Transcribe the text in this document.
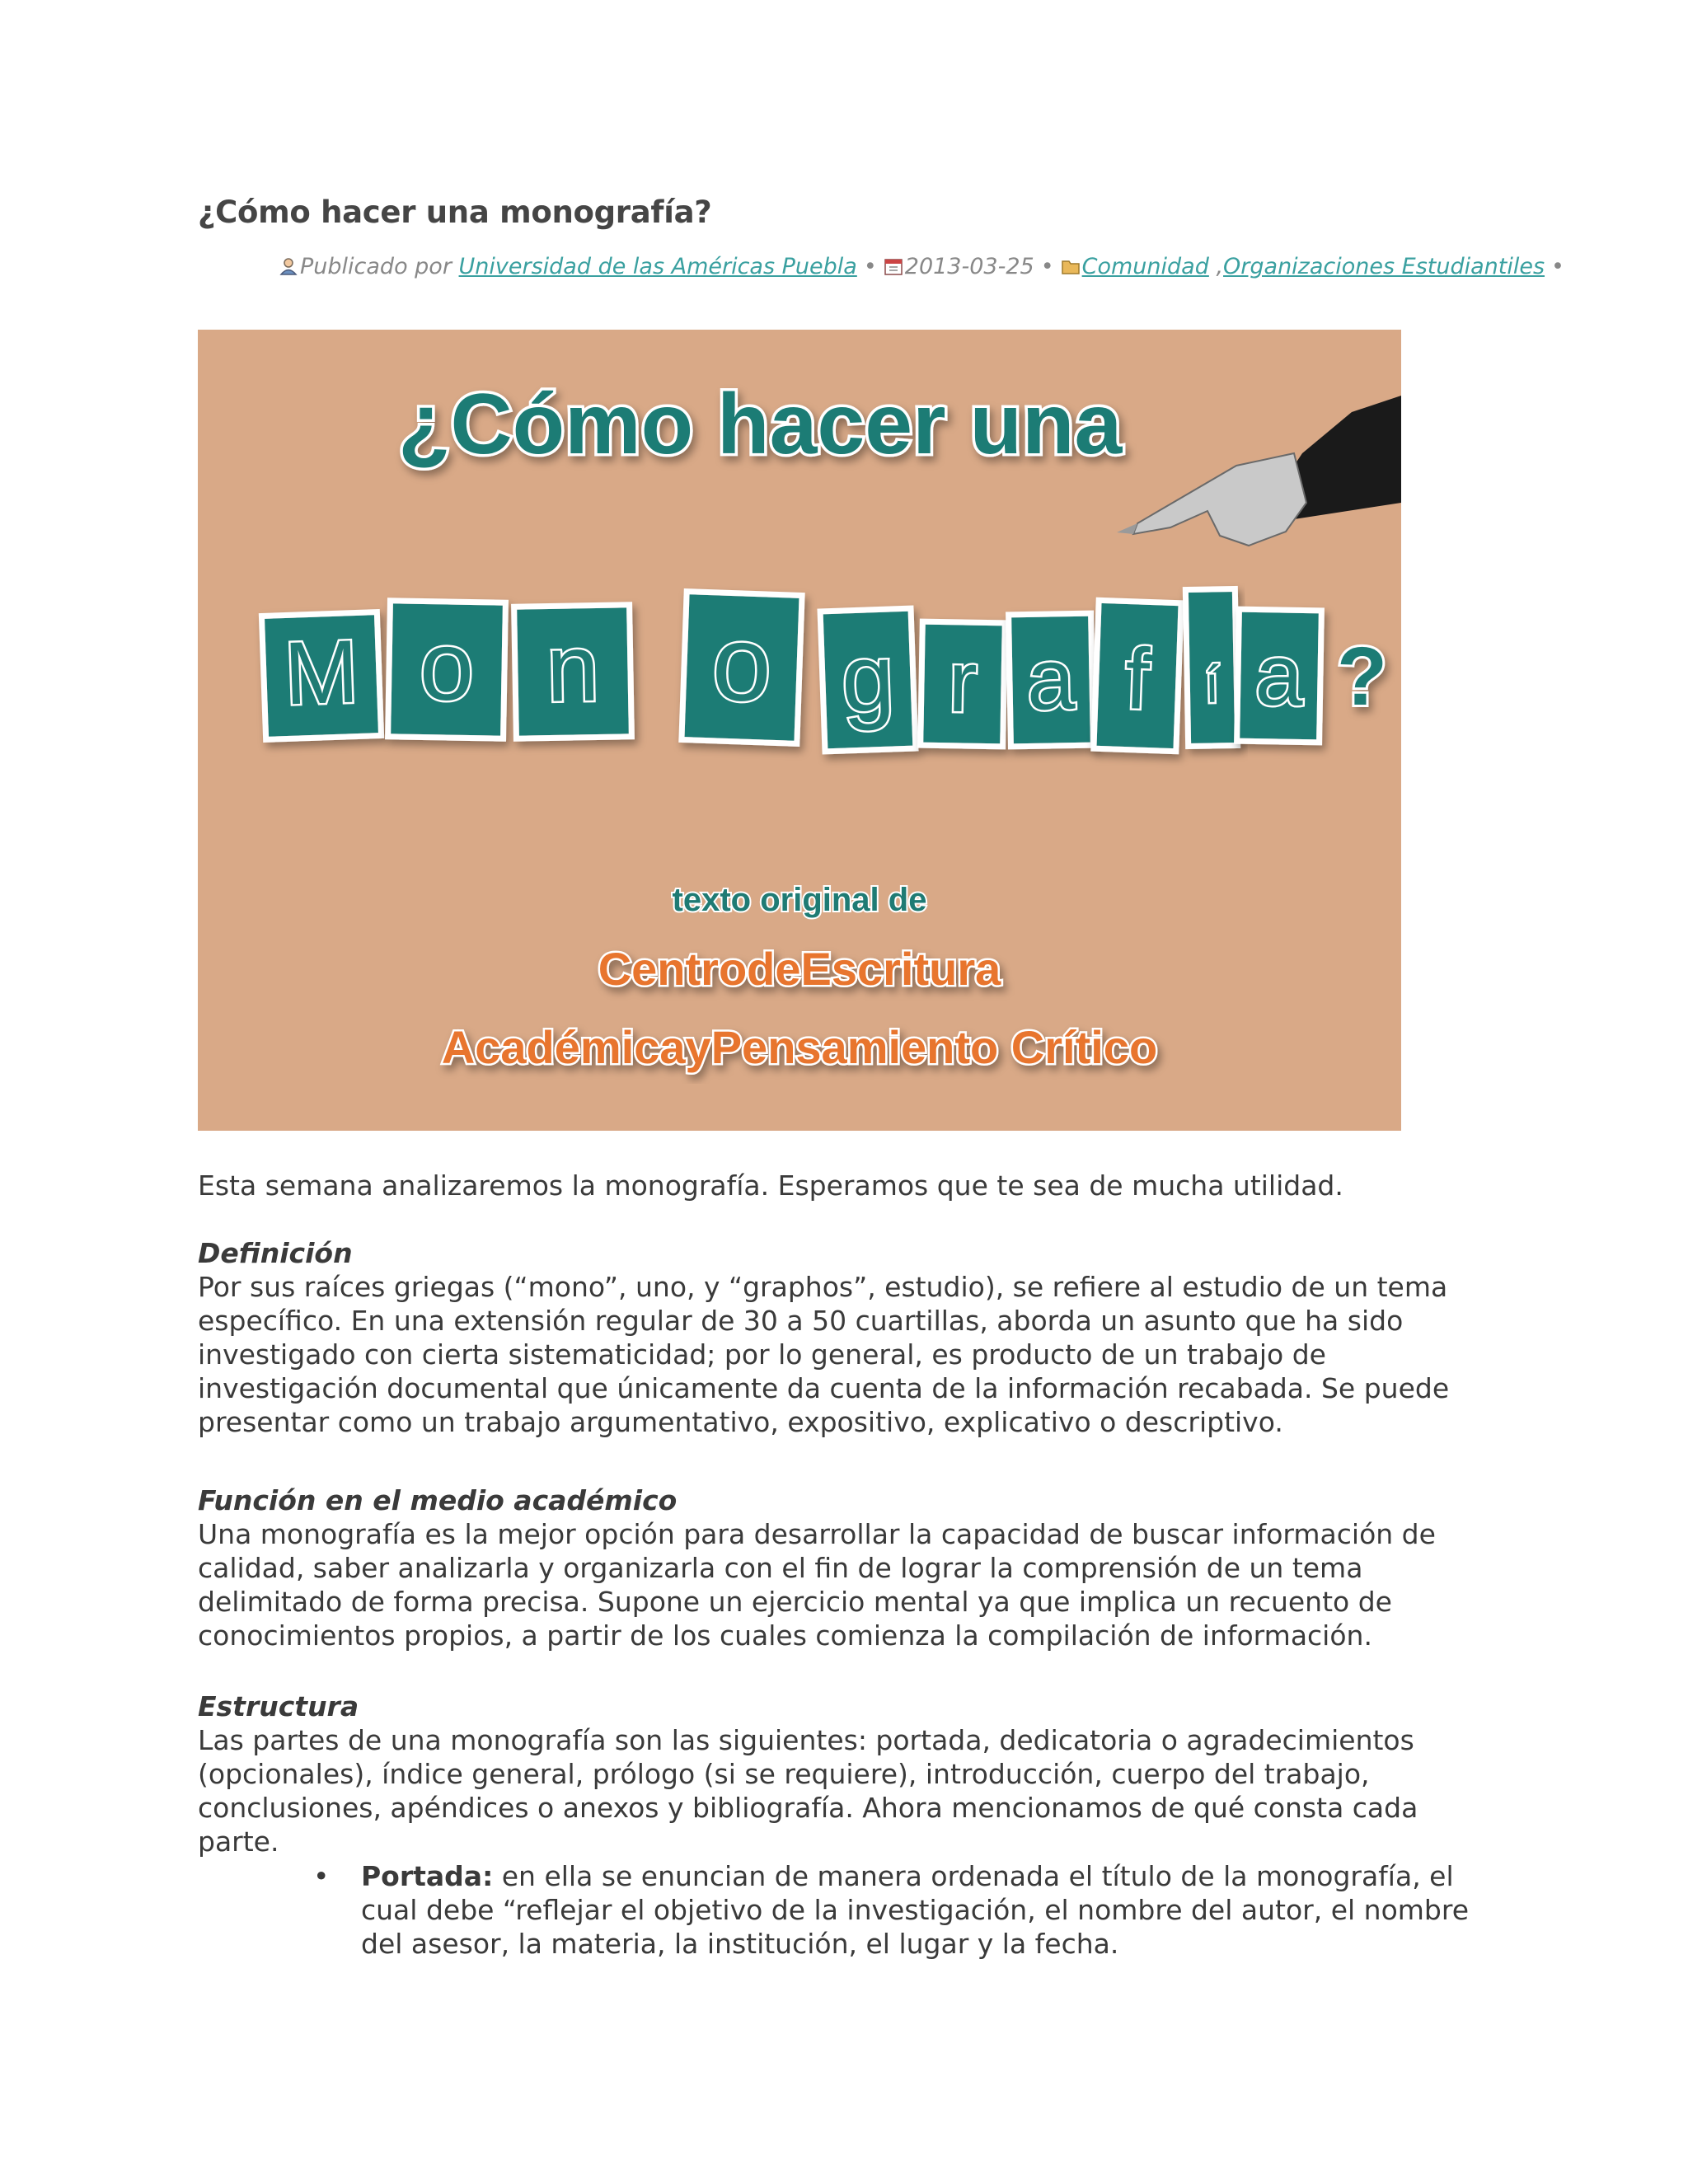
¿Cómo hacer una monografía?
Publicado por Universidad de las Américas Puebla • 2013-03-25 • Comunidad ,Organizaciones Estudiantiles •
¿Cómo hacer una
M o n o g r a f í a ?
texto original de
CentrodeEscritura
AcadémicayPensamiento Crítico

Esta semana analizaremos la monografía. Esperamos que te sea de mucha utilidad.

Definición

Por sus raíces griegas (“mono”, uno, y “graphos”, estudio), se refiere al estudio de un tema específico. En una extensión regular de 30 a 50 cuartillas, aborda un asunto que ha sido investigado con cierta sistematicidad; por lo general, es producto de un trabajo de investigación documental que únicamente da cuenta de la información recabada. Se puede presentar como un trabajo argumentativo, expositivo, explicativo o descriptivo.

Función en el medio académico

Una monografía es la mejor opción para desarrollar la capacidad de buscar información de calidad, saber analizarla y organizarla con el fin de lograr la comprensión de un tema delimitado de forma precisa. Supone un ejercicio mental ya que implica un recuento de conocimientos propios, a partir de los cuales comienza la compilación de información.

Estructura

Las partes de una monografía son las siguientes: portada, dedicatoria o agradecimientos (opcionales), índice general, prólogo (si se requiere), introducción, cuerpo del trabajo, conclusiones, apéndices o anexos y bibliografía. Ahora mencionamos de qué consta cada parte.

• Portada: en ella se enuncian de manera ordenada el título de la monografía, el cual debe “reflejar el objetivo de la investigación, el nombre del autor, el nombre del asesor, la materia, la institución, el lugar y la fecha.
